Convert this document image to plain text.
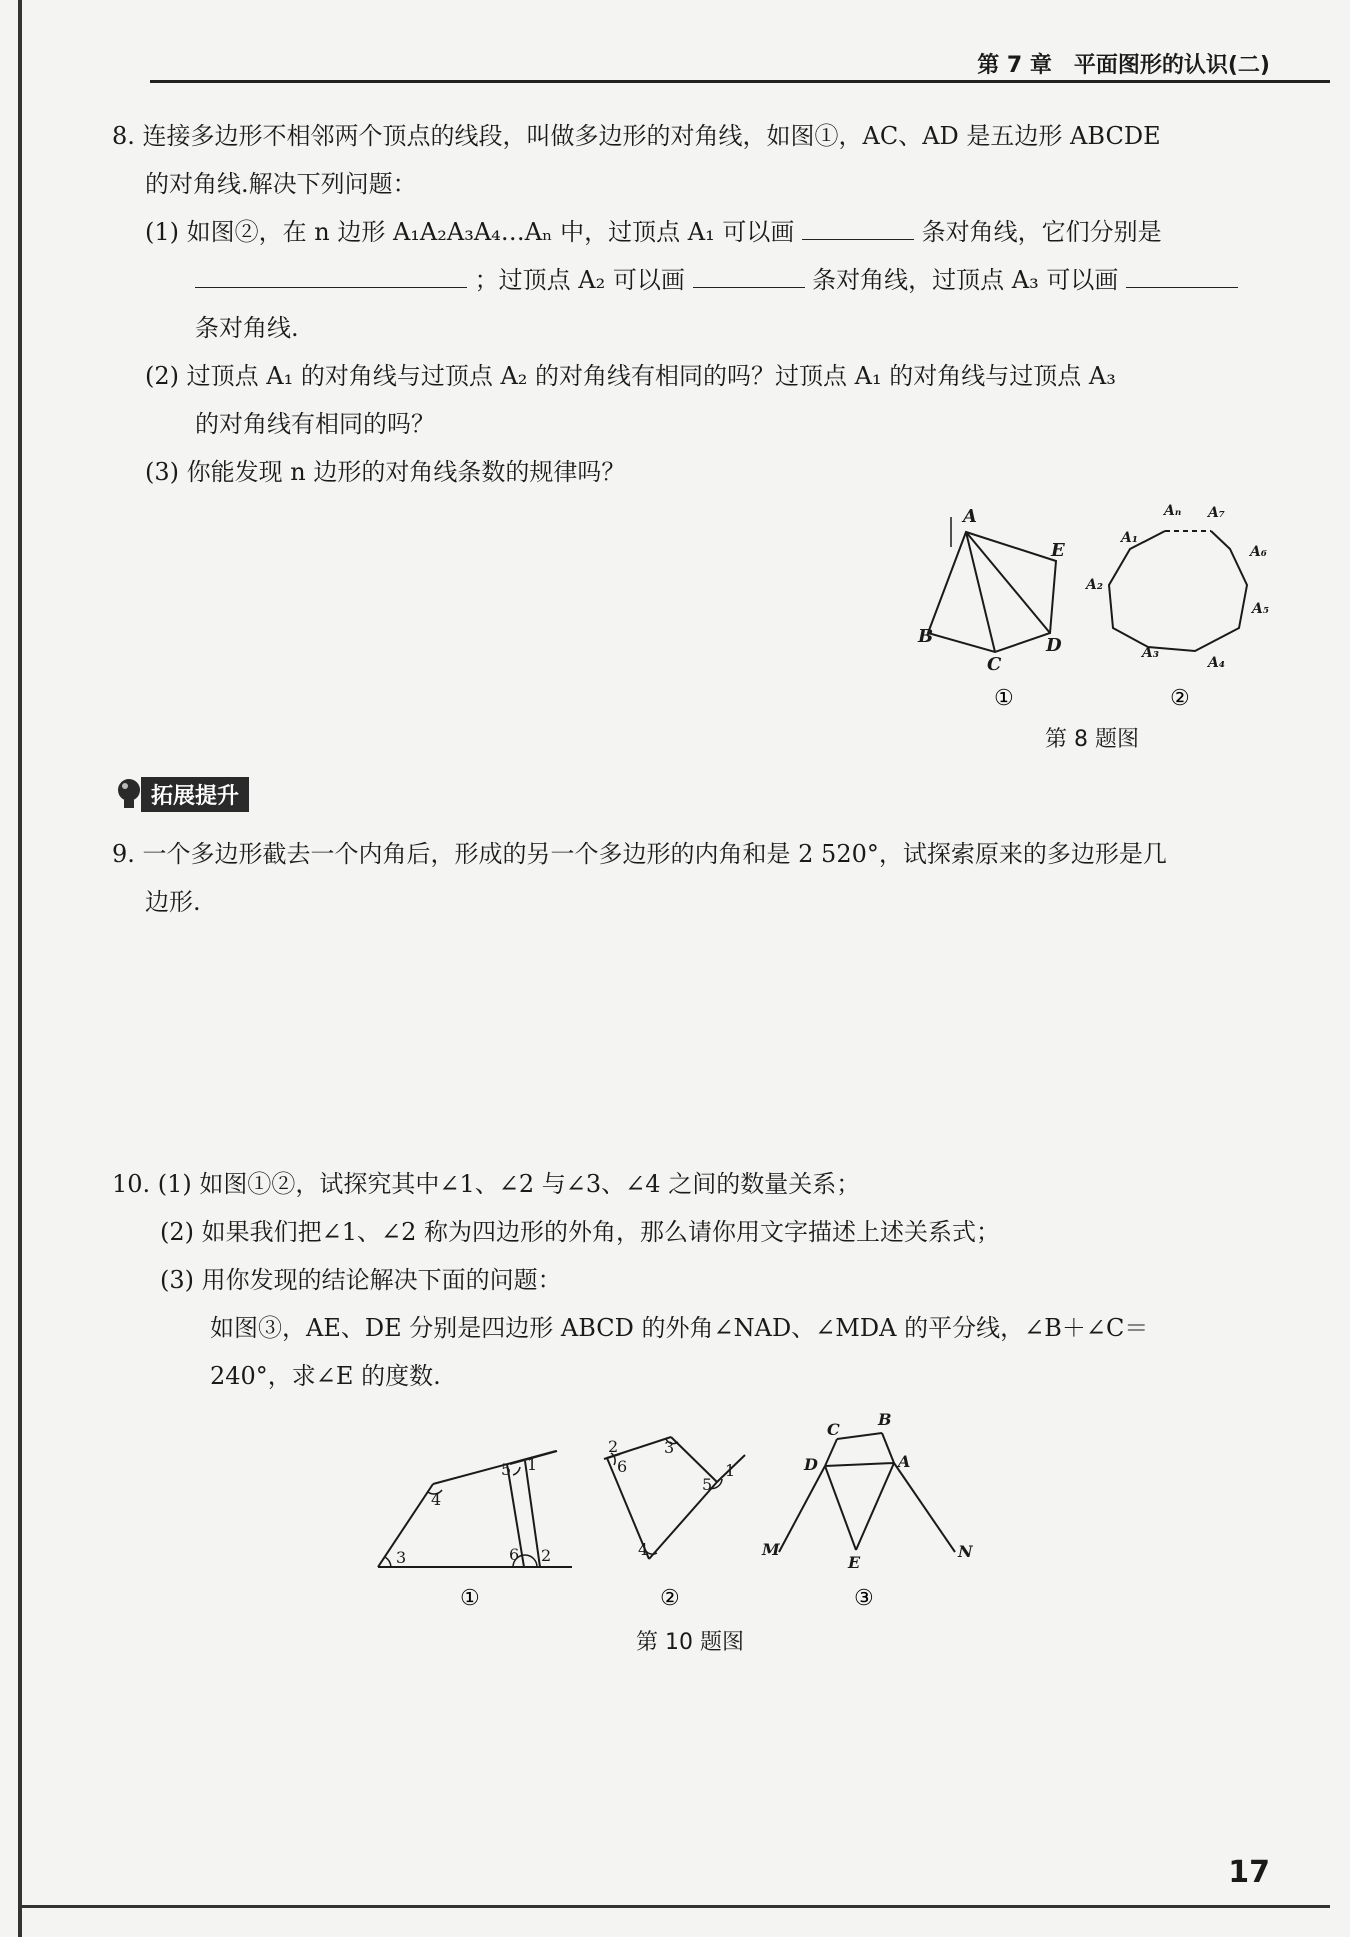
第 7 章　平面图形的认识(二)
8. 连接多边形不相邻两个顶点的线段，叫做多边形的对角线，如图①，AC、AD 是五边形 ABCDE
的对角线.解决下列问题：
(1) 如图②，在 n 边形 A₁A₂A₃A₄…Aₙ 中，过顶点 A₁ 可以画	条对角线，它们分别是
；过顶点 A₂ 可以画	条对角线，过顶点 A₃ 可以画
条对角线.
(2) 过顶点 A₁ 的对角线与过顶点 A₂ 的对角线有相同的吗？过顶点 A₁ 的对角线与过顶点 A₃
的对角线有相同的吗？
(3) 你能发现 n 边形的对角线条数的规律吗？
A
B
C
D
E
Aₙ A₇
A₁
A₆
A₂
A₅
A₃
A₄
①	②
第 8 题图
拓展提升
9. 一个多边形截去一个内角后，形成的另一个多边形的内角和是 2 520°，试探索原来的多边形是几
边形.
10. (1) 如图①②，试探究其中∠1、∠2 与∠3、∠4 之间的数量关系；
(2) 如果我们把∠1、∠2 称为四边形的外角，那么请你用文字描述上述关系式；
(3) 用你发现的结论解决下面的问题：
如图③，AE、DE 分别是四边形 ABCD 的外角∠NAD、∠MDA 的平分线，∠B＋∠C＝
240°，求∠E 的度数.
1
2
3
4
5
6
①
1
2	3
4
5
6
②
B
C
D	A
M
E
N
③
第 10 题图
17
